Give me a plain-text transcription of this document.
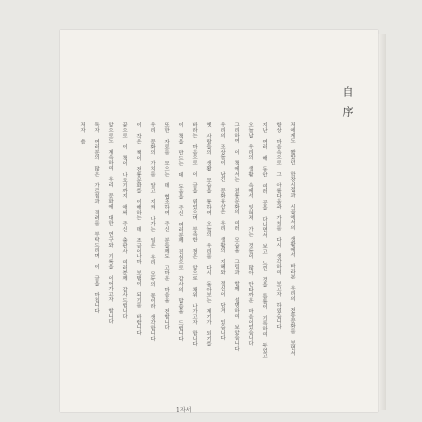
自序
저에게도 짧았던 학창시절과 시골에서의 생활에서 바라본 우리의 전통문화를 보면서
항상 마음속으로 그 아름다움과 가치를 다시 생각하여 보고자 하였습니다
지난 여러 해 동안 여러 곳을 다니면서 보고 느낀 것을 틈틈이 기록하여 두었고
오늘날 우리의 생활 속에서 잊혀져 가는 것들이 많아 안타까운 마음이었습니다
그리하여 이 책에서는 전통문화의 여러 모습을 그림과 함께 설명하여 보았습니다
우리의 조상들이 남긴 문화유산은 우리 생활의 지혜와 정신이 담겨 있습니다
옛 사람들의 생활 모습을 통하여 오늘의 우리를 다시 돌아보는 계기가 되기를
바라는 마음으로 이 글을 엮었으며 부족한 점은 앞으로 채워 나가고자 합니다
이 책을 만드는 데 도움을 주신 여러분께 진심으로 감사의 말씀을 드립니다
또한 자료를 모으는 데 협조하여 주신 분들께도 고마운 마음을 전합니다
우리 문화의 가치를 알고 지켜 나가는 일은 우리 모두의 몫이라 생각합니다
이 작은 책이 전통문화를 이해하는 데 조금이나마 보탬이 되기를 바랍니다
끝으로 이 책이 나오기까지 애써 주신 출판사 여러분께 감사드립니다
앞으로도 계속하여 우리 문화에 대한 연구와 기록을 이어가고자 합니다
독자 여러분의 많은 가르침과 격려를 부탁드리며 이 글을 마칩니다
저자 씀
1자서
